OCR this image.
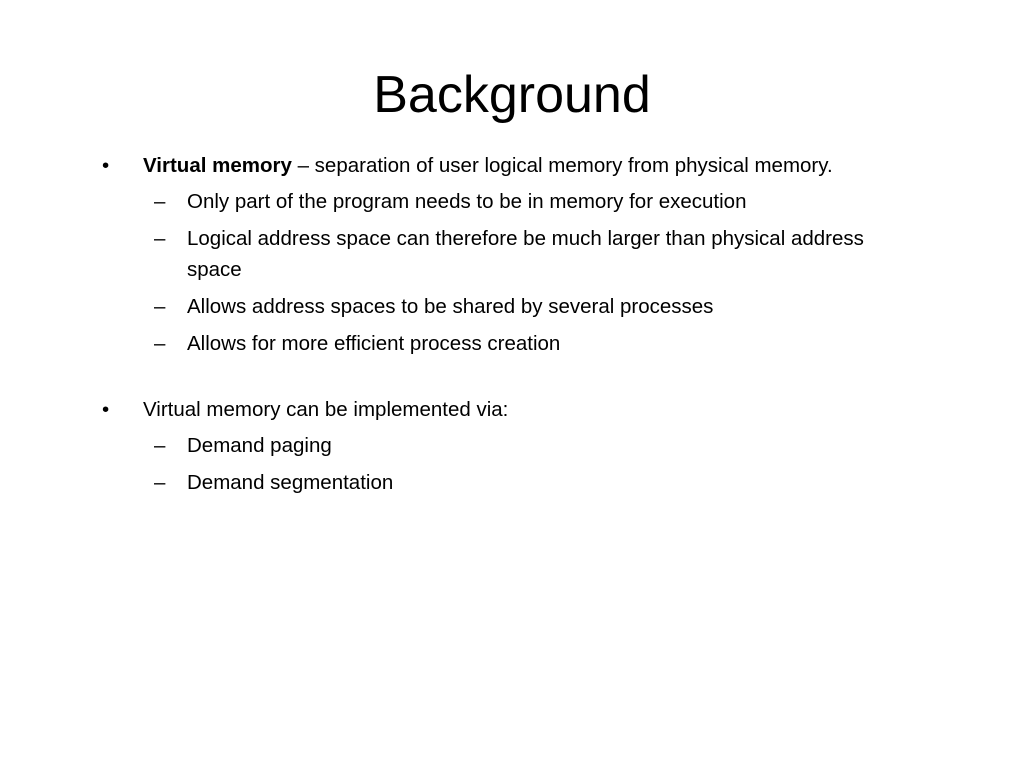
Background

• Virtual memory – separation of user logical memory from physical memory.

– Only part of the program needs to be in memory for execution

– Logical address space can therefore be much larger than physical address space

– Allows address spaces to be shared by several processes

– Allows for more efficient process creation

• Virtual memory can be implemented via:

– Demand paging

– Demand segmentation
